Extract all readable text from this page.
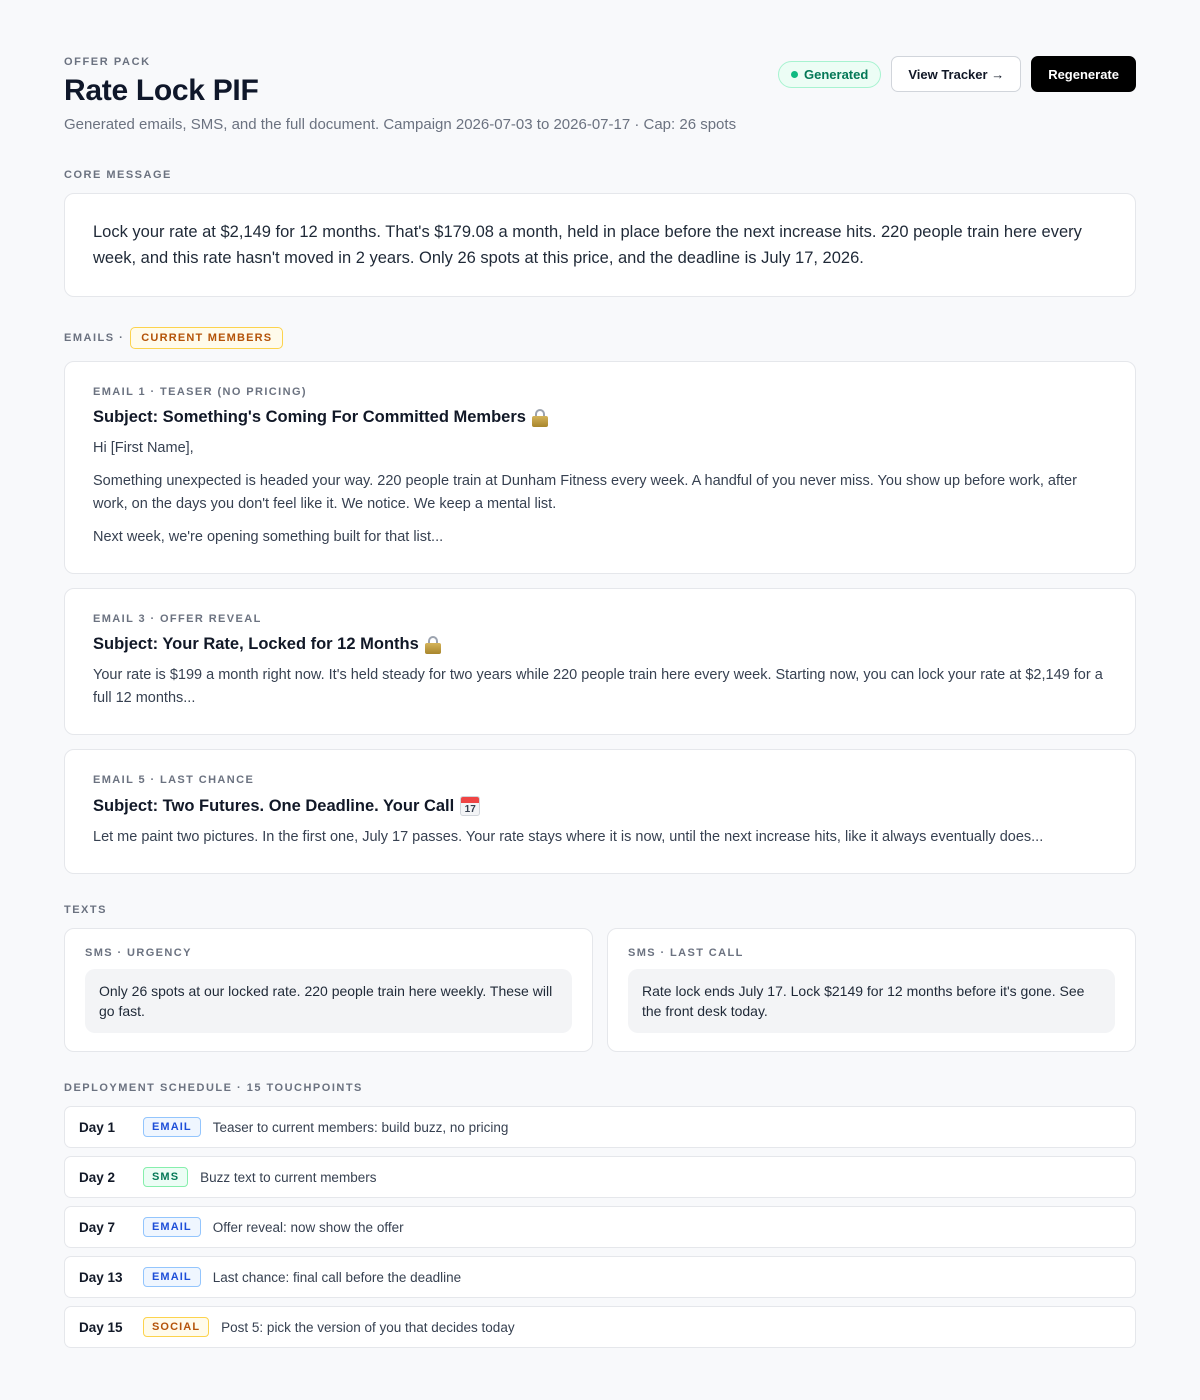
OFFER PACK
Rate Lock PIF
Generated emails, SMS, and the full document. Campaign 2026-07-03 to 2026-07-17 · Cap: 26 spots
Generated	View Tracker →	Regenerate
CORE MESSAGE
Lock your rate at $2,149 for 12 months. That's $179.08 a month, held in place before the next increase hits. 220 people train here every week, and this rate hasn't moved in 2 years. Only 26 spots at this price, and the deadline is July 17, 2026.
EMAILS ·	CURRENT MEMBERS
EMAIL 1 · TEASER (NO PRICING)
Subject: Something's Coming For Committed Members
Hi [First Name],
Something unexpected is headed your way. 220 people train at Dunham Fitness every week. A handful of you never miss. You show up before work, after work, on the days you don't feel like it. We notice. We keep a mental list.
Next week, we're opening something built for that list...
EMAIL 3 · OFFER REVEAL
Subject: Your Rate, Locked for 12 Months
Your rate is $199 a month right now. It's held steady for two years while 220 people train here every week. Starting now, you can lock your rate at $2,149 for a full 12 months...
EMAIL 5 · LAST CHANCE
Subject: Two Futures. One Deadline. Your Call	17
Let me paint two pictures. In the first one, July 17 passes. Your rate stays where it is now, until the next increase hits, like it always eventually does...
TEXTS
SMS · URGENCY
Only 26 spots at our locked rate. 220 people train here weekly. These will go fast.
SMS · LAST CALL
Rate lock ends July 17. Lock $2149 for 12 months before it's gone. See the front desk today.
DEPLOYMENT SCHEDULE · 15 TOUCHPOINTS
Day 1	EMAIL	Teaser to current members: build buzz, no pricing
Day 2	SMS	Buzz text to current members
Day 7	EMAIL	Offer reveal: now show the offer
Day 13	EMAIL	Last chance: final call before the deadline
Day 15	SOCIAL	Post 5: pick the version of you that decides today
